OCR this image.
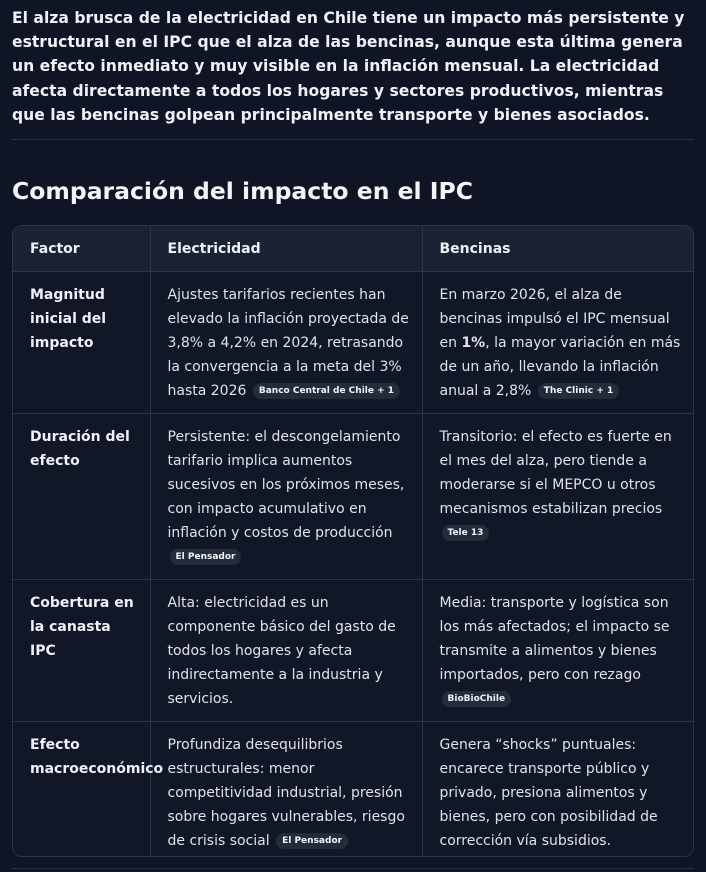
El alza brusca de la electricidad en Chile tiene un impacto más persistente y estructural en el IPC que el alza de las bencinas, aunque esta última genera un efecto inmediato y muy visible en la inflación mensual. La electricidad afecta directamente a todos los hogares y sectores productivos, mientras que las bencinas golpean principalmente transporte y bienes asociados.
Comparación del impacto en el IPC
Factor	Electricidad	Bencinas
Magnitud inicial del impacto	Ajustes tarifarios recientes han elevado la inflación proyectada de 3,8% a 4,2% en 2024, retrasando la convergencia a la meta del 3% hasta 2026 Banco Central de Chile + 1	En marzo 2026, el alza de bencinas impulsó el IPC mensual en 1%, la mayor variación en más de un año, llevando la inflación anual a 2,8% The Clinic + 1
Duración del efecto	Persistente: el descongelamiento tarifario implica aumentos sucesivos en los próximos meses, con impacto acumulativo en inflación y costos de producción El Pensador	Transitorio: el efecto es fuerte en el mes del alza, pero tiende a moderarse si el MEPCO u otros mecanismos estabilizan precios Tele 13
Cobertura en la canasta IPC	Alta: electricidad es un componente básico del gasto de todos los hogares y afecta indirectamente a la industria y servicios.	Media: transporte y logística son los más afectados; el impacto se transmite a alimentos y bienes importados, pero con rezago BioBioChile
Efecto macroeconómico	Profundiza desequilibrios estructurales: menor competitividad industrial, presión sobre hogares vulnerables, riesgo de crisis social El Pensador	Genera “shocks” puntuales: encarece transporte público y privado, presiona alimentos y bienes, pero con posibilidad de corrección vía subsidios.
